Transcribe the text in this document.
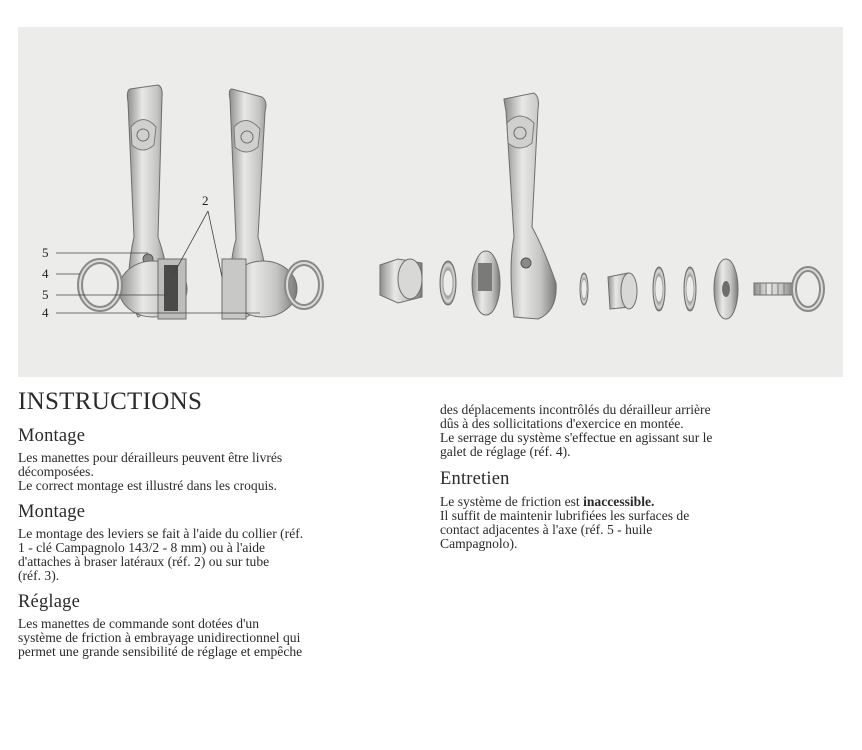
5
4
5
4
2
INSTRUCTIONS
Montage

Les manettes pour dérailleurs peuvent être livrés
décomposées.
Le correct montage est illustré dans les croquis.

Montage

Le montage des leviers se fait à l'aide du collier (réf.
1 - clé Campagnolo 143/2 - 8 mm) ou à l'aide
d'attaches à braser latéraux (réf. 2) ou sur tube
(réf. 3).

Réglage

Les manettes de commande sont dotées d'un
système de friction à embrayage unidirectionnel qui
permet une grande sensibilité de réglage et empêche

des déplacements incontrôlés du dérailleur arrière
dûs à des sollicitations d'exercice en montée.
Le serrage du système s'effectue en agissant sur le
galet de réglage (réf. 4).

Entretien

Le système de friction est inaccessible.
Il suffit de maintenir lubrifiées les surfaces de
contact adjacentes à l'axe (réf. 5 - huile
Campagnolo).
